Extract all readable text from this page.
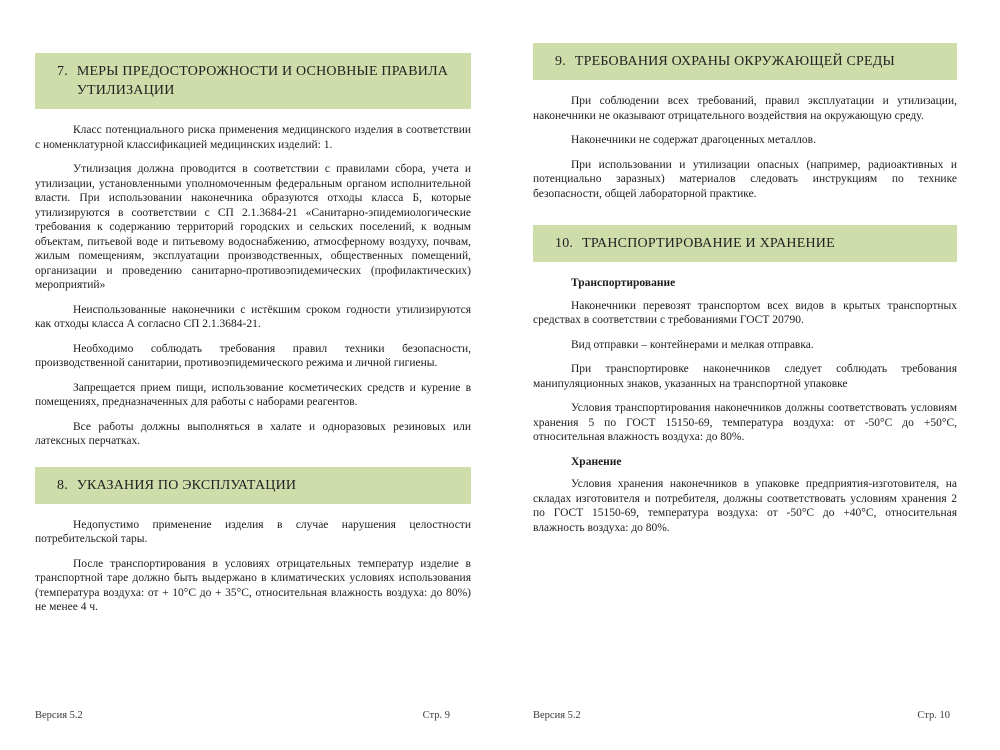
7. МЕРЫ ПРЕДОСТОРОЖНОСТИ И ОСНОВНЫЕ ПРАВИЛА УТИЛИЗАЦИИ

Класс потенциального риска применения медицинского изделия в соответствии с номенклатурной классификацией медицинских изделий: 1.

Утилизация должна проводится в соответствии с правилами сбора, учета и утилизации, установленными уполномоченным федеральным органом исполнительной власти. При использовании наконечника образуются отходы класса Б, которые утилизируются в соответствии с СП 2.1.3684-21 «Санитарно-эпидемиологические требования к содержанию территорий городских и сельских поселений, к водным объектам, питьевой воде и питьевому водоснабжению, атмосферному воздуху, почвам, жилым помещениям, эксплуатации производственных, общественных помещений, организации и проведению санитарно-противоэпидемических (профилактических) мероприятий»

Неиспользованные наконечники с истёкшим сроком годности утилизируются как отходы класса А согласно СП 2.1.3684-21.

Необходимо соблюдать требования правил техники безопасности, производственной санитарии, противоэпидемического режима и личной гигиены.

Запрещается прием пищи, использование косметических средств и курение в помещениях, предназначенных для работы с наборами реагентов.

Все работы должны выполняться в халате и одноразовых резиновых или латексных перчатках.

8. УКАЗАНИЯ ПО ЭКСПЛУАТАЦИИ

Недопустимо применение изделия в случае нарушения целостности потребительской тары.

После транспортирования в условиях отрицательных температур изделие в транспортной таре должно быть выдержано в климатических условиях использования (температура воздуха: от + 10°С до + 35°С, относительная влажность воздуха: до 80%) не менее 4 ч.

Версия 5.2	Стр. 9
9. ТРЕБОВАНИЯ ОХРАНЫ ОКРУЖАЮЩЕЙ СРЕДЫ

При соблюдении всех требований, правил эксплуатации и утилизации, наконечники не оказывают отрицательного воздействия на окружающую среду.

Наконечники не содержат драгоценных металлов.

При использовании и утилизации опасных (например, радиоактивных и потенциально заразных) материалов следовать инструкциям по технике безопасности, общей лабораторной практике.

10. ТРАНСПОРТИРОВАНИЕ И ХРАНЕНИЕ

Транспортирование

Наконечники перевозят транспортом всех видов в крытых транспортных средствах в соответствии с требованиями ГОСТ 20790.

Вид отправки – контейнерами и мелкая отправка.

При транспортировке наконечников следует соблюдать требования манипуляционных знаков, указанных на транспортной упаковке

Условия транспортирования наконечников должны соответствовать условиям хранения 5 по ГОСТ 15150-69, температура воздуха: от -50°С до +50°С, относительная влажность воздуха: до 80%.

Хранение

Условия хранения наконечников в упаковке предприятия-изготовителя, на складах изготовителя и потребителя, должны соответствовать условиям хранения 2 по ГОСТ 15150-69, температура воздуха: от -50°С до +40°С, относительная влажность воздуха: до 80%.

Версия 5.2	Стр. 10
